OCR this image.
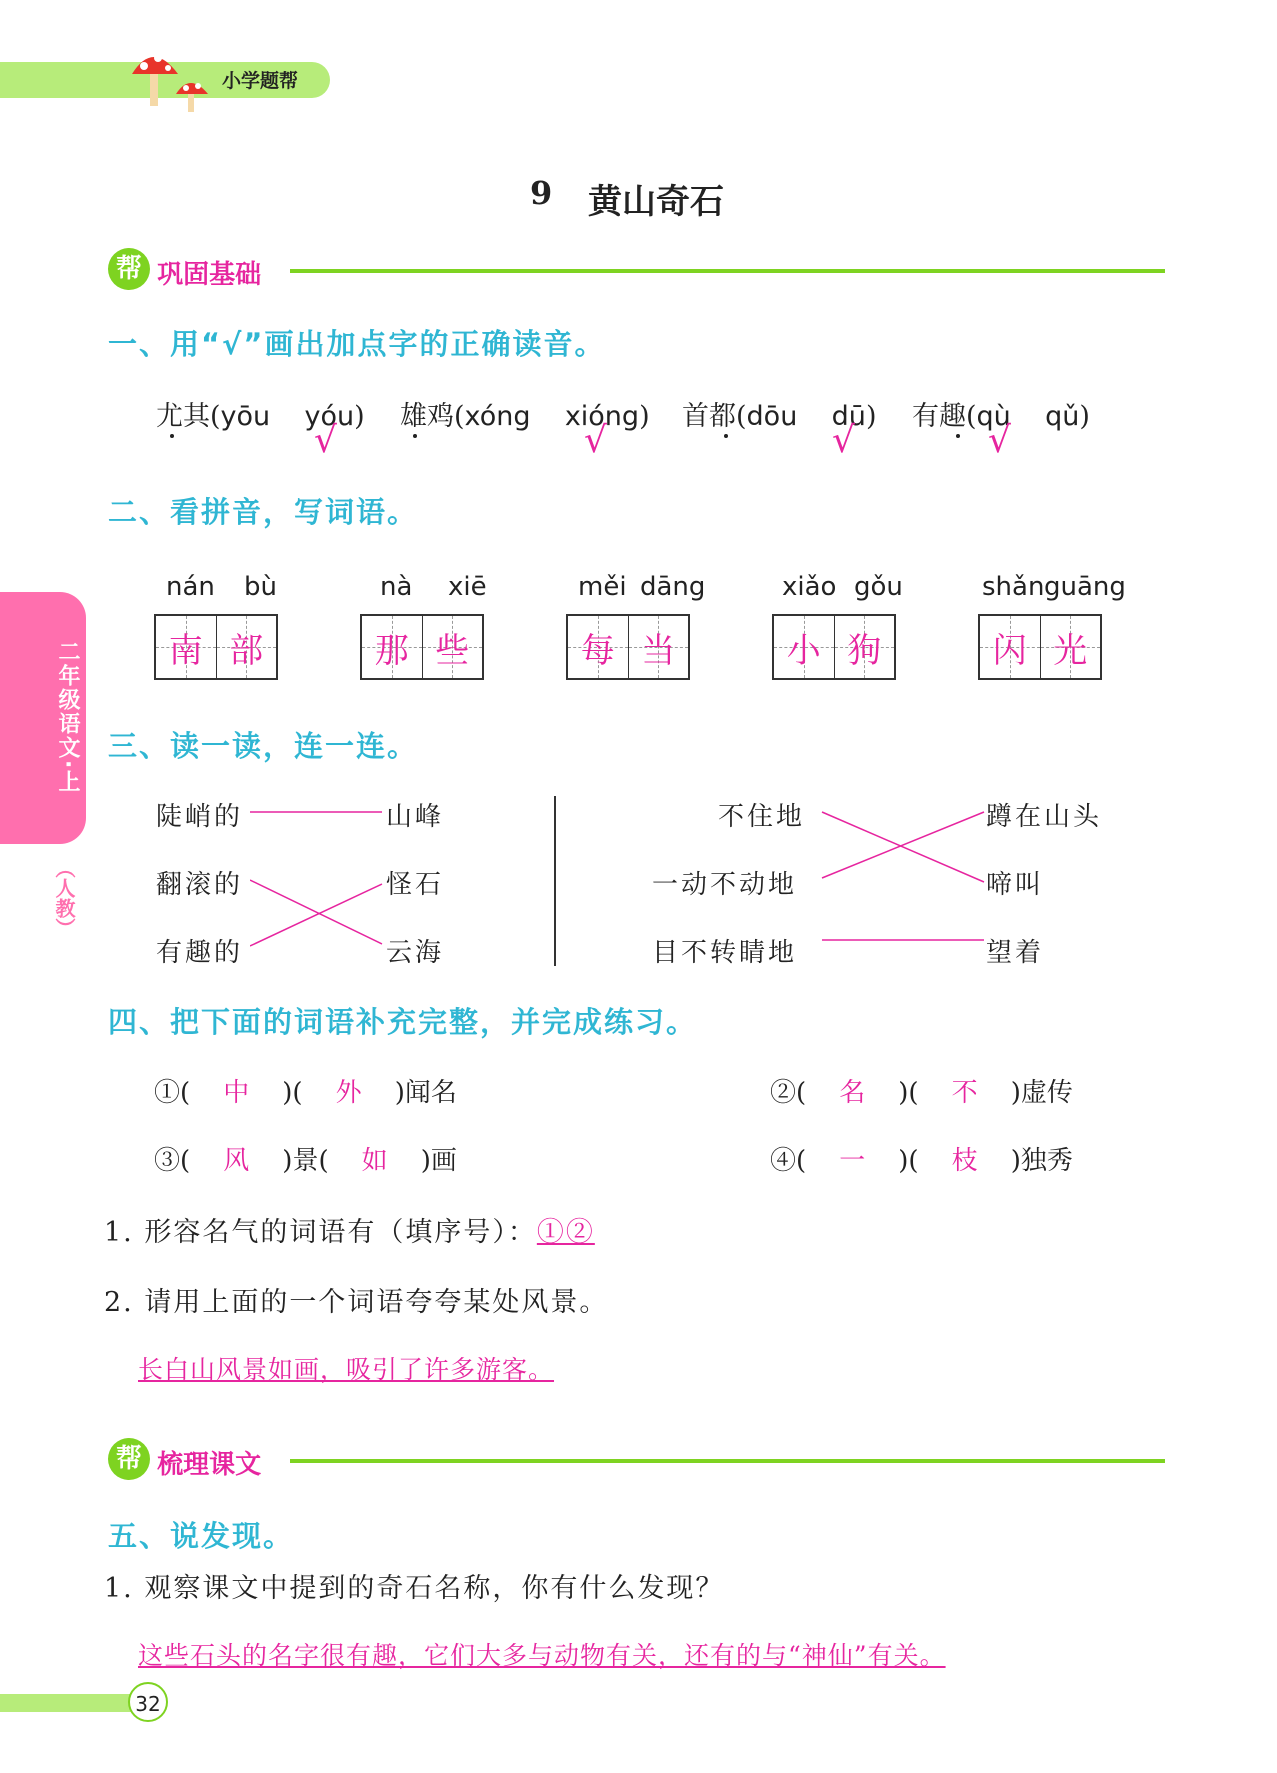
小学题帮
9 黄山奇石
帮 巩固基础
二年级语文·上
（人教）
一、用“√”画出加点字的正确读音。
尤其(yōu yóu)
√
雄鸡(xóng xióng)
√
首都(dōu dū)
√
有趣(qù qǔ)
√
二、看拼音，写词语。
nán bù
南 部
nà xiē
那 些
měi dāng
每 当
xiǎo gǒu
小 狗
shǎn guāng
闪 光
三、读一读，连一连。
陡峭的
翻滚的
有趣的
山峰
怪石
云海
不住地
一动不动地
目不转睛地
蹲在山头
啼叫
望着
四、把下面的词语补充完整，并完成练习。
①(    中    )(    外    )闻名	②(    名    )(    不    )虚传
③(    风    )景(    如    )画	④(    一    )(    枝    )独秀
1. 形容名气的词语有（填序号）：①②
2. 请用上面的一个词语夸夸某处风景。
长白山风景如画，吸引了许多游客。
帮 梳理课文
五、说发现。
1. 观察课文中提到的奇石名称，你有什么发现？
这些石头的名字很有趣，它们大多与动物有关，还有的与“神仙”有关。
32
